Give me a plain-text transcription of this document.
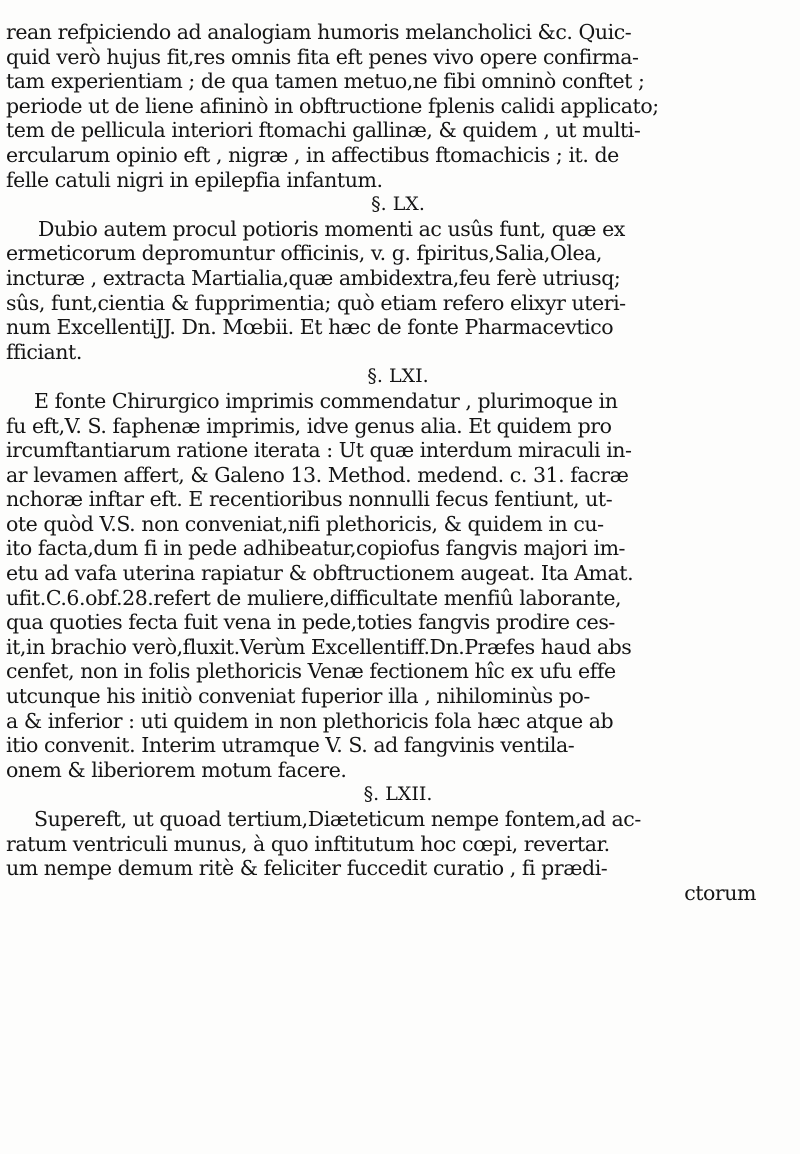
rean refpiciendo ad analogiam humoris melancholici &c. Quic-
quid verò hujus fit,res omnis fita eft penes vivo opere confirma-
tam experientiam ; de qua tamen metuo,ne fibi omninò conftet ;
periode ut de liene afininò in obftructione fplenis calidi applicato;
tem de pellicula interiori ftomachi gallinæ, & quidem , ut multi-
ercularum opinio eft , nigræ , in affectibus ftomachicis ; it. de
felle catuli nigri in epilepfia infantum.
§. LX.
Dubio autem procul potioris momenti ac usûs funt, quæ ex
ermeticorum depromuntur officinis, v. g. fpiritus,Salia,Olea,
incturæ , extracta Martialia,quæ ambidextra,feu ferè utriusq;
sûs, funt,cientia & fupprimentia; quò etiam refero elixyr uteri-
num ExcellentiJJ. Dn. Mœbii. Et hæc de fonte Pharmacevtico
fficiant.
§. LXI.
E fonte Chirurgico imprimis commendatur , plurimoque in
fu eft,V. S. faphenæ imprimis, idve genus alia. Et quidem pro
ircumftantiarum ratione iterata : Ut quæ interdum miraculi in-
ar levamen affert, & Galeno 13. Method. medend. c. 31. facræ
nchoræ inftar eft. E recentioribus nonnulli fecus fentiunt, ut-
ote quòd V.S. non conveniat,nifi plethoricis, & quidem in cu-
ito facta,dum fi in pede adhibeatur,copiofus fangvis majori im-
etu ad vafa uterina rapiatur & obftructionem augeat. Ita Amat.
ufit.C.6.obf.28.refert de muliere,difficultate menfiû laborante,
qua quoties fecta fuit vena in pede,toties fangvis prodire ces-
it,in brachio verò,fluxit.Verùm Excellentiff.Dn.Præfes haud abs
cenfet, non in folis plethoricis Venæ fectionem hîc ex ufu effe
utcunque his initiò conveniat fuperior illa , nihilominùs po-
a & inferior : uti quidem in non plethoricis fola hæc atque ab
itio convenit. Interim utramque V. S. ad fangvinis ventila-
onem & liberiorem motum facere.
§. LXII.
Supereft, ut quoad tertium,Diæteticum nempe fontem,ad ac-
ratum ventriculi munus, à quo inftitutum hoc cœpi, revertar.
um nempe demum ritè & feliciter fuccedit curatio , fi prædi-
ctorum
